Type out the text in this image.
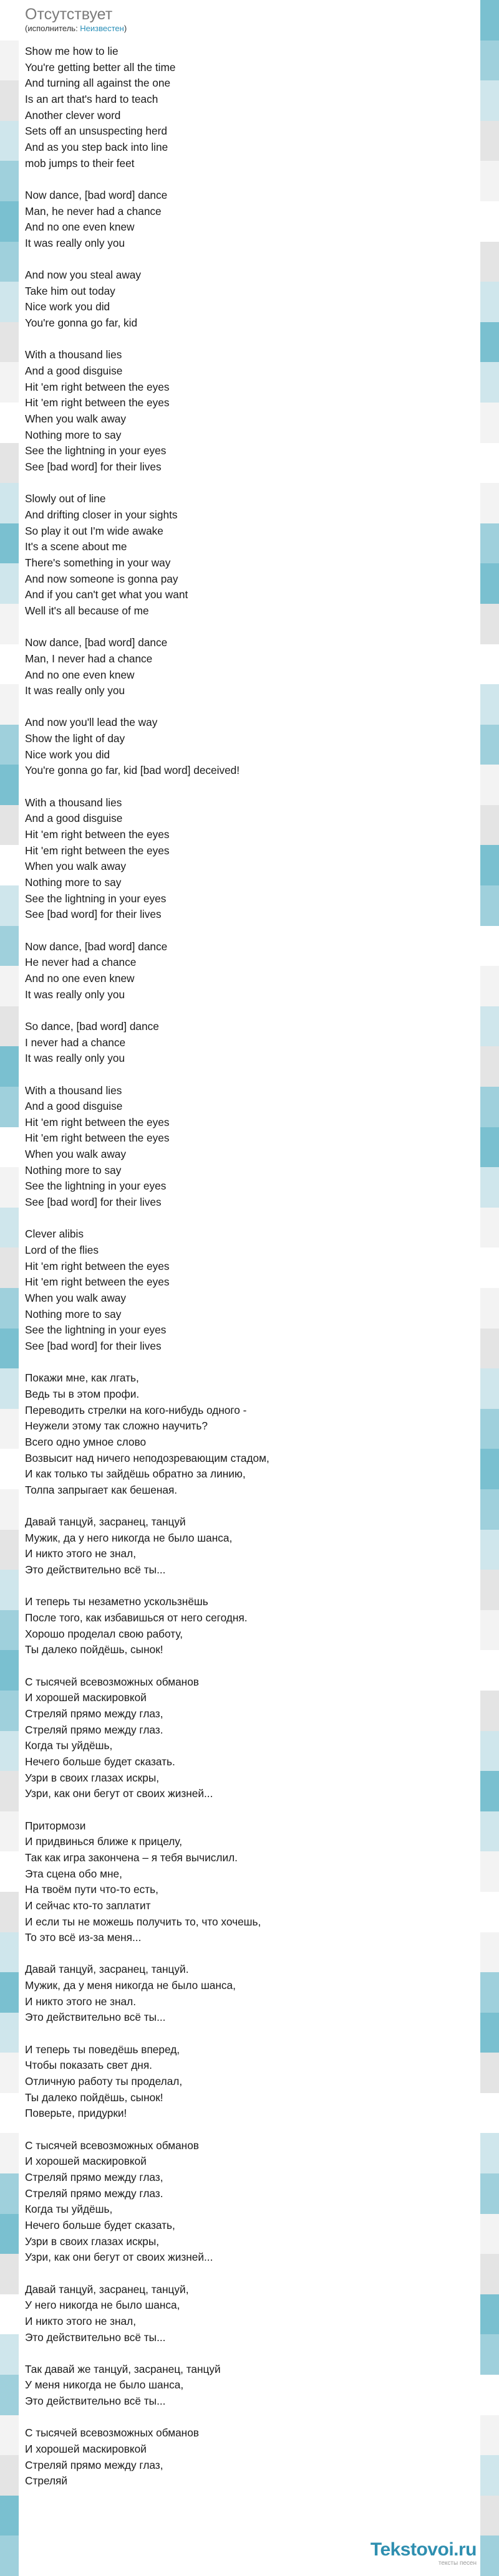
Отсутствует
(исполнитель: Неизвестен)
Show me how to lie
You're getting better all the time
And turning all against the one
Is an art that's hard to teach
Another clever word
Sets off an unsuspecting herd
And as you step back into line
mob jumps to their feet
Now dance, [bad word] dance
Man, he never had a chance
And no one even knew
It was really only you
And now you steal away
Take him out today
Nice work you did
You're gonna go far, kid
With a thousand lies
And a good disguise
Hit 'em right between the eyes
Hit 'em right between the eyes
When you walk away
Nothing more to say
See the lightning in your eyes
See [bad word] for their lives
Slowly out of line
And drifting closer in your sights
So play it out I'm wide awake
It's a scene about me
There's something in your way
And now someone is gonna pay
And if you can't get what you want
Well it's all because of me
Now dance, [bad word] dance
Man, I never had a chance
And no one even knew
It was really only you
And now you'll lead the way
Show the light of day
Nice work you did
You're gonna go far, kid [bad word] deceived!
With a thousand lies
And a good disguise
Hit 'em right between the eyes
Hit 'em right between the eyes
When you walk away
Nothing more to say
See the lightning in your eyes
See [bad word] for their lives
Now dance, [bad word] dance
He never had a chance
And no one even knew
It was really only you
So dance, [bad word] dance
I never had a chance
It was really only you
With a thousand lies
And a good disguise
Hit 'em right between the eyes
Hit 'em right between the eyes
When you walk away
Nothing more to say
See the lightning in your eyes
See [bad word] for their lives
Clever alibis
Lord of the flies
Hit 'em right between the eyes
Hit 'em right between the eyes
When you walk away
Nothing more to say
See the lightning in your eyes
See [bad word] for their lives
Покажи мне, как лгать,
Ведь ты в этом профи.
Переводить стрелки на кого-нибудь одного -
Неужели этому так сложно научить?
Всего одно умное слово
Возвысит над ничего неподозревающим стадом,
И как только ты зайдёшь обратно за линию,
Толпа запрыгает как бешеная.
Давай танцуй, засранец, танцуй
Мужик, да у него никогда не было шанса,
И никто этого не знал,
Это действительно всё ты...
И теперь ты незаметно ускользнёшь
После того, как избавишься от него сегодня.
Хорошо проделал свою работу,
Ты далеко пойдёшь, сынок!
С тысячей всевозможных обманов
И хорошей маскировкой
Стреляй прямо между глаз,
Стреляй прямо между глаз.
Когда ты уйдёшь,
Нечего больше будет сказать.
Узри в своих глазах искры,
Узри, как они бегут от своих жизней...
Притормози
И придвинься ближе к прицелу,
Так как игра закончена – я тебя вычислил.
Эта сцена обо мне,
На твоём пути что-то есть,
И сейчас кто-то заплатит
И если ты не можешь получить то, что хочешь,
То это всё из-за меня...
Давай танцуй, засранец, танцуй.
Мужик, да у меня никогда не было шанса,
И никто этого не знал.
Это действительно всё ты...
И теперь ты поведёшь вперед,
Чтобы показать свет дня.
Отличную работу ты проделал,
Ты далеко пойдёшь, сынок!
Поверьте, придурки!
С тысячей всевозможных обманов
И хорошей маскировкой
Стреляй прямо между глаз,
Стреляй прямо между глаз.
Когда ты уйдёшь,
Нечего больше будет сказать,
Узри в своих глазах искры,
Узри, как они бегут от своих жизней...
Давай танцуй, засранец, танцуй,
У него никогда не было шанса,
И никто этого не знал,
Это действительно всё ты...
Так давай же танцуй, засранец, танцуй
У меня никогда не было шанса,
Это действительно всё ты...
С тысячей всевозможных обманов
И хорошей маскировкой
Стреляй прямо между глаз,
Стреляй
Tekstovoi.ru
тексты песен
